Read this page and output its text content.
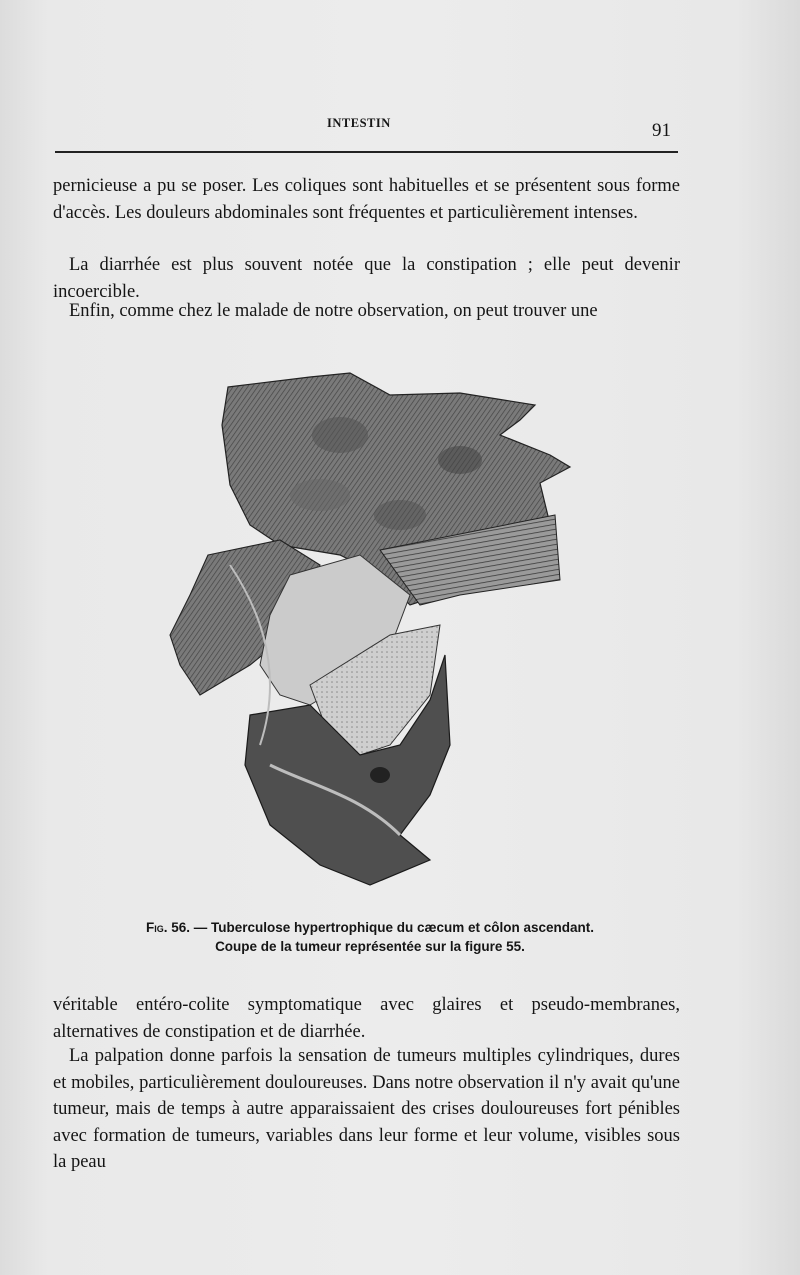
INTESTIN	91

pernicieuse a pu se poser. Les coliques sont habituelles et se présentent sous forme d'accès. Les douleurs abdominales sont fréquentes et particulièrement intenses.

La diarrhée est plus souvent notée que la constipation ; elle peut devenir incoercible.

Enfin, comme chez le malade de notre observation, on peut trouver une

Fig. 56. — Tuberculose hypertrophique du cæcum et côlon ascendant.

Coupe de la tumeur représentée sur la figure 55.

véritable entéro-colite symptomatique avec glaires et pseudo-membranes, alternatives de constipation et de diarrhée.

La palpation donne parfois la sensation de tumeurs multiples cylindriques, dures et mobiles, particulièrement douloureuses. Dans notre observation il n'y avait qu'une tumeur, mais de temps à autre apparaissaient des crises douloureuses fort pénibles avec formation de tumeurs, variables dans leur forme et leur volume, visibles sous la peau
